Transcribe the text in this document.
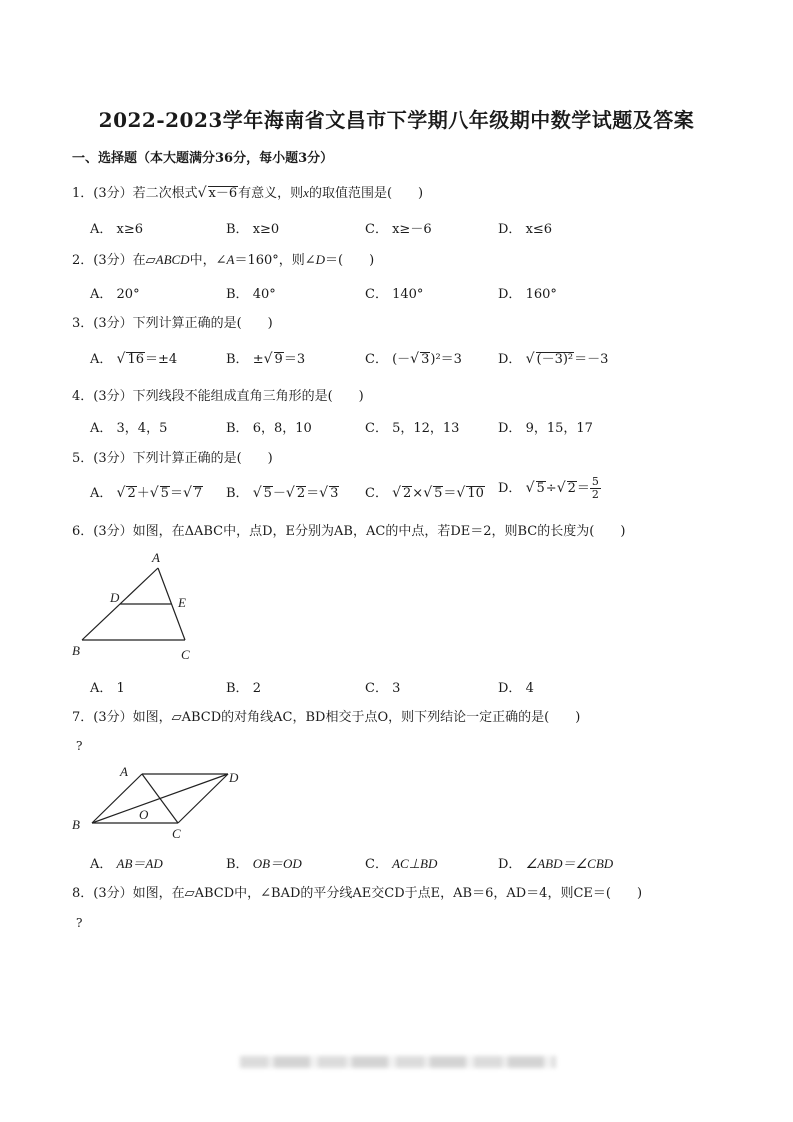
2022-2023学年海南省文昌市下学期八年级期中数学试题及答案
一、选择题（本大题满分36分，每小题3分）
1．(3分）若二次根式√ x－6有意义，则x的取值范围是(　　)
A． x≥6	B． x≥0	C． x≥－6	D． x≤6
2．(3分）在▱ABCD中，∠A＝160°，则∠D＝(　　)
A． 20°	B． 40°	C． 140°	D． 160°
3．(3分）下列计算正确的是(　　)
A． √ 16＝±4	B． ±√ 9＝3	C． (－√ 3)²＝3	D． √ (－3)²＝－3
4．(3分）下列线段不能组成直角三角形的是(　　)
A． 3，4，5	B． 6，8，10	C． 5，12，13	D． 9，15，17
5．(3分）下列计算正确的是(　　)
A． √ 2＋√ 5＝√ 7 B． √ 5－√ 2＝√ 3 C． √ 2×√ 5＝√ 10 D． √ 5÷√ $2= \frac{5}{2}$
6．(3分）如图，在ΔABC中，点D，E分别为AB，AC的中点，若DE＝2，则BC的长度为(　　)
A
B	C
D	E
A． 1	B． 2	C． 3	D． 4
7．(3分）如图，▱ABCD的对角线AC，BD相交于点O，则下列结论一定正确的是(　　)
?
A
B
C
D
O
A． AB＝AD	B． OB＝OD	C． AC⊥BD	D． ∠ABD＝∠CBD
8．(3分）如图，在▱ABCD中，∠BAD的平分线AE交CD于点E，AB＝6，AD＝4，则CE＝(　　)
?
